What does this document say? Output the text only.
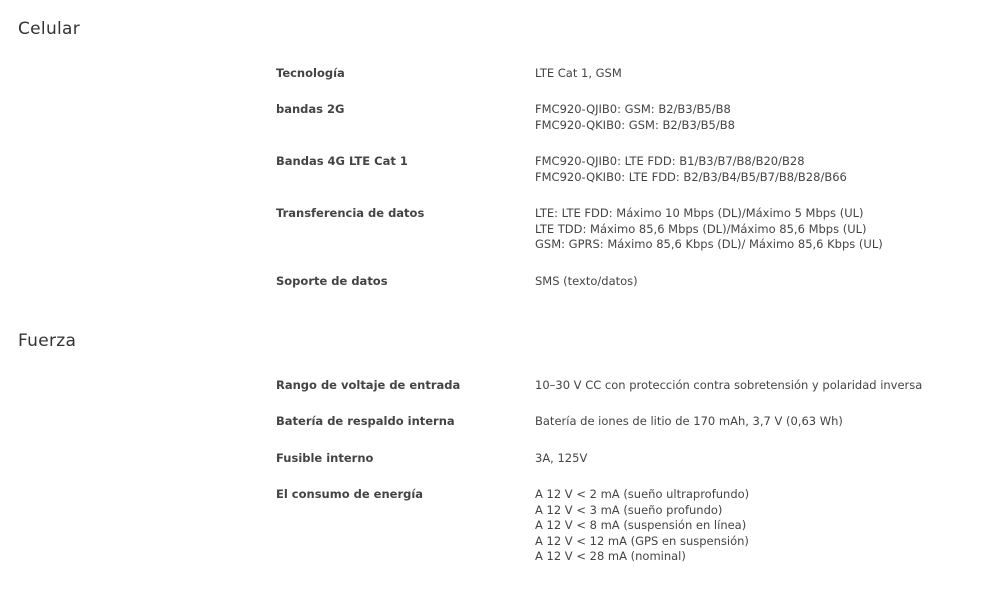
Celular
Tecnología	LTE Cat 1, GSM
bandas 2G	FMC920-QJIB0: GSM: B2/B3/B5/B8
FMC920-QKIB0: GSM: B2/B3/B5/B8
Bandas 4G LTE Cat 1	FMC920-QJIB0: LTE FDD: B1/B3/B7/B8/B20/B28
FMC920-QKIB0: LTE FDD: B2/B3/B4/B5/B7/B8/B28/B66
Transferencia de datos	LTE: LTE FDD: Máximo 10 Mbps (DL)/Máximo 5 Mbps (UL)
LTE TDD: Máximo 85,6 Mbps (DL)/Máximo 85,6 Mbps (UL)
GSM: GPRS: Máximo 85,6 Kbps (DL)/ Máximo 85,6 Kbps (UL)
Soporte de datos	SMS (texto/datos)
Fuerza
Rango de voltaje de entrada	10–30 V CC con protección contra sobretensión y polaridad inversa
Batería de respaldo interna	Batería de iones de litio de 170 mAh, 3,7 V (0,63 Wh)
Fusible interno	3A, 125V
El consumo de energía	A 12 V < 2 mA (sueño ultraprofundo)
A 12 V < 3 mA (sueño profundo)
A 12 V < 8 mA (suspensión en línea)
A 12 V < 12 mA (GPS en suspensión)
A 12 V < 28 mA (nominal)
